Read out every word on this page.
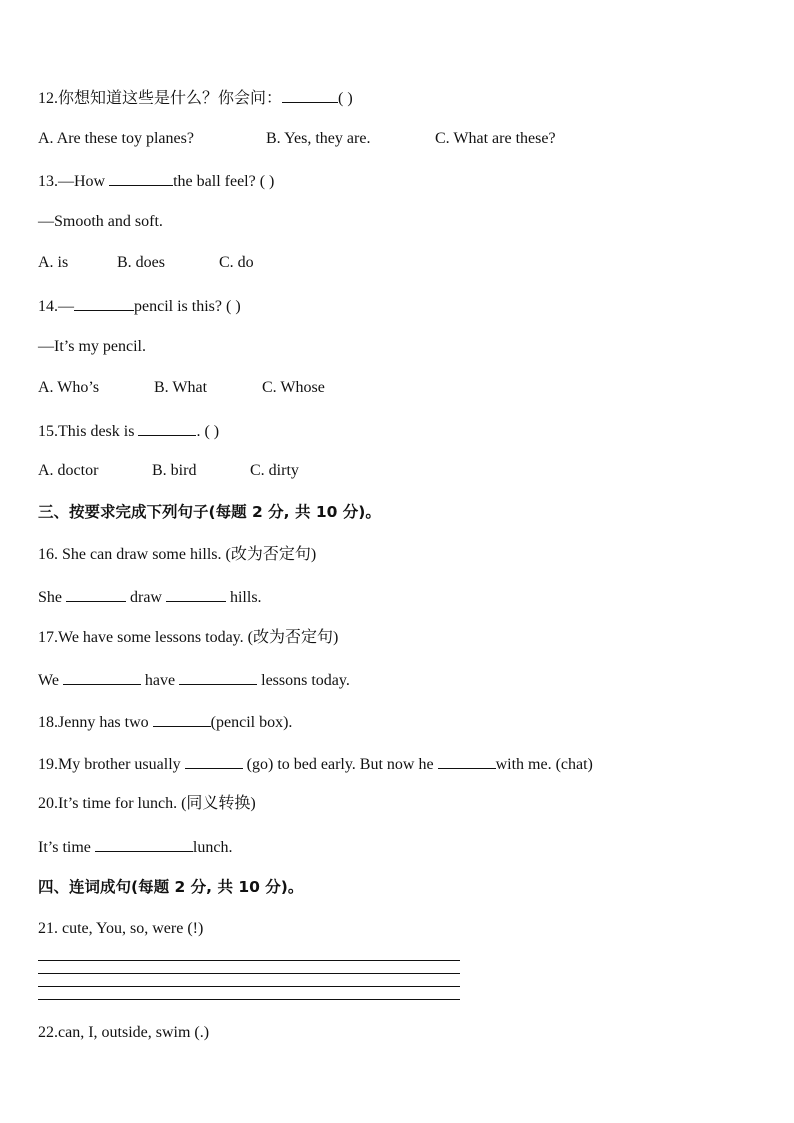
12.你想知道这些是什么？你会问：	( )
A. Are these toy planes?	B. Yes, they are.	C. What are these?
13.—How	the ball feel? ( )
—Smooth and soft.
A. is	B. does	C. do
14.—	pencil is this? ( )
—It’s my pencil.
A. Who’s	B. What	C. Whose
15.This desk is	. ( )
A. doctor	B. bird	C. dirty
三、按要求完成下列句子(每题 2 分, 共 10 分)。
16. She can draw some hills. (改为否定句)
She	draw	hills.
17.We have some lessons today. (改为否定句)
We	have	lessons today.
18.Jenny has two	(pencil box).
19.My brother usually	(go) to bed early. But now he	with me. (chat)
20.It’s time for lunch. (同义转换)
It’s time	lunch.
四、连词成句(每题 2 分, 共 10 分)。
21. cute, You, so, were (!)
22.can, I, outside, swim (.)
